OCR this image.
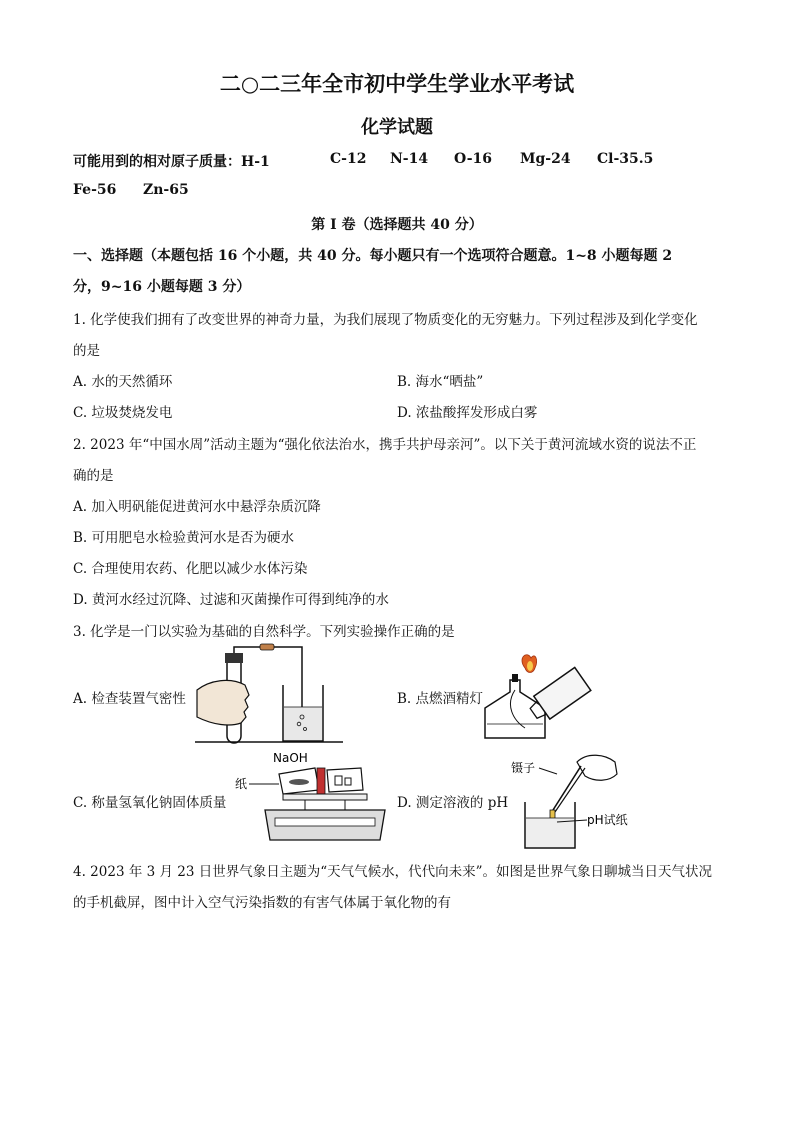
二○二三年全市初中学生学业水平考试
化学试题
可能用到的相对原子质量：H-1	C-12 N-14 O-16 Mg-24 Cl-35.5
Fe-56 Zn-65
第 I 卷（选择题共 40 分）
一、选择题（本题包括 16 个小题，共 40 分。每小题只有一个选项符合题意。1~8 小题每题 2
分，9~16 小题每题 3 分）
1. 化学使我们拥有了改变世界的神奇力量，为我们展现了物质变化的无穷魅力。下列过程涉及到化学变化
的是
A. 水的天然循环	B. 海水“晒盐”
C. 垃圾焚烧发电	D. 浓盐酸挥发形成白雾
2. 2023 年“中国水周”活动主题为“强化依法治水，携手共护母亲河”。以下关于黄河流域水资的说法不正
确的是
A. 加入明矾能促进黄河水中悬浮杂质沉降
B. 可用肥皂水检验黄河水是否为硬水
C. 合理使用农药、化肥以减少水体污染
D. 黄河水经过沉降、过滤和灭菌操作可得到纯净的水
3. 化学是一门以实验为基础的自然科学。下列实验操作正确的是
A. 检查装置气密性	B. 点燃酒精灯
C. 称量氢氧化钠固体质量	D. 测定溶液的 pH
NaOH
纸
镊子
pH试纸
4. 2023 年 3 月 23 日世界气象日主题为“天气气候水，代代向未来”。如图是世界气象日聊城当日天气状况
的手机截屏，图中计入空气污染指数的有害气体属于氧化物的有
